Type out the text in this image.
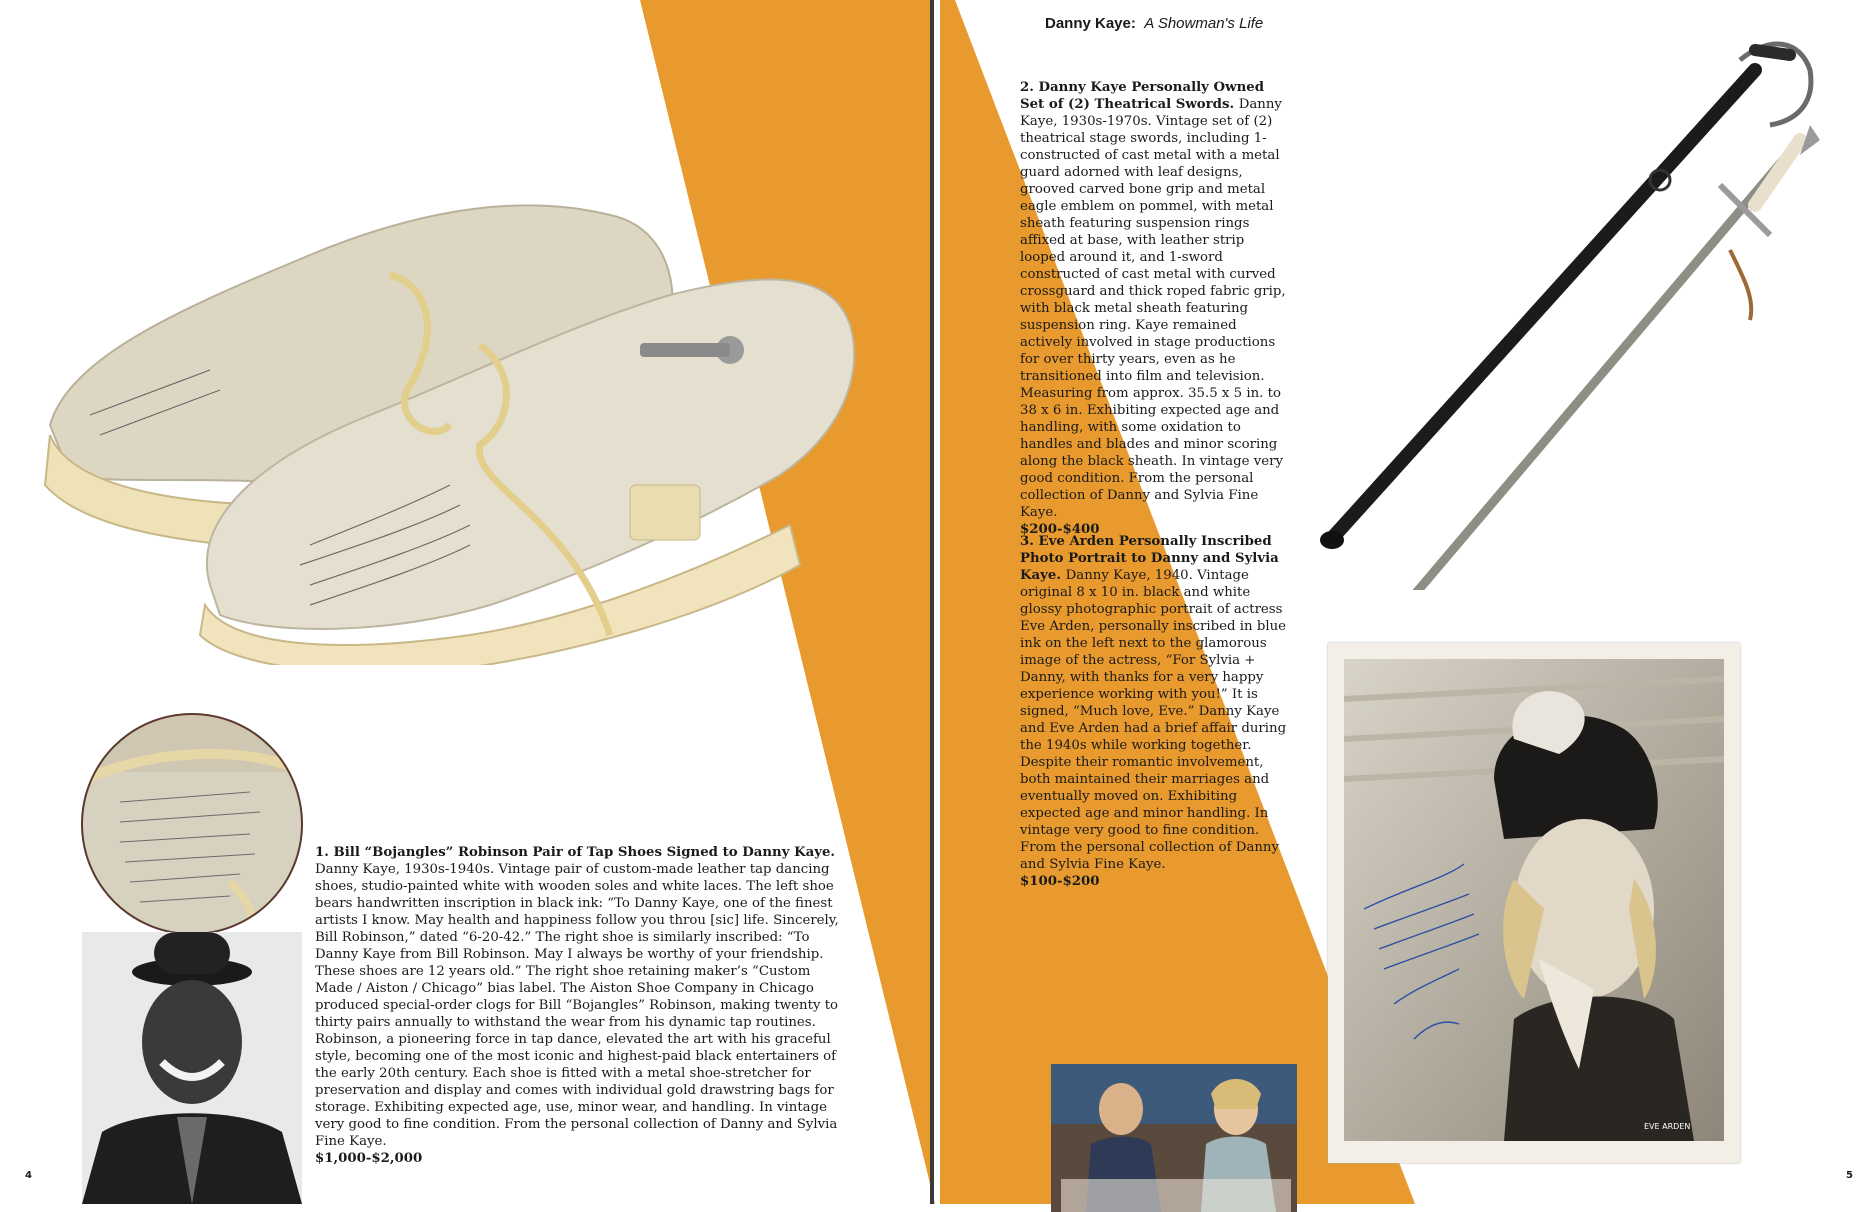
Danny Kaye: A Showman's Life
1. Bill “Bojangles” Robinson Pair of Tap Shoes Signed to Danny Kaye. Danny Kaye, 1930s-1940s. Vintage pair of custom-made leather tap dancing shoes, studio-painted white with wooden soles and white laces. The left shoe bears handwritten inscription in black ink: “To Danny Kaye, one of the finest artists I know. May health and happiness follow you throu [sic] life. Sincerely, Bill Robinson,” dated “6-20-42.” The right shoe is similarly inscribed: “To Danny Kaye from Bill Robinson. May I always be worthy of your friendship. These shoes are 12 years old.” The right shoe retaining maker’s “Custom Made / Aiston / Chicago” bias label. The Aiston Shoe Company in Chicago produced special-order clogs for Bill “Bojangles” Robinson, making twenty to thirty pairs annually to withstand the wear from his dynamic tap routines. Robinson, a pioneering force in tap dance, elevated the art with his graceful style, becoming one of the most iconic and highest-paid black entertainers of the early 20th century. Each shoe is fitted with a metal shoe-stretcher for preservation and display and comes with individual gold drawstring bags for storage. Exhibiting expected age, use, minor wear, and handling. In vintage very good to fine condition. From the personal collection of Danny and Sylvia Fine Kaye.
$1,000-$2,000
4
2. Danny Kaye Personally Owned Set of (2) Theatrical Swords. Danny Kaye, 1930s-1970s. Vintage set of (2) theatrical stage swords, including 1-constructed of cast metal with a metal guard adorned with leaf designs, grooved carved bone grip and metal eagle emblem on pommel, with metal sheath featuring suspension rings affixed at base, with leather strip looped around it, and 1-sword constructed of cast metal with curved crossguard and thick roped fabric grip, with black metal sheath featuring suspension ring. Kaye remained actively involved in stage productions for over thirty years, even as he transitioned into film and television. Measuring from approx. 35.5 x 5 in. to 38 x 6 in. Exhibiting expected age and handling, with some oxidation to handles and blades and minor scoring along the black sheath. In vintage very good condition. From the personal collection of Danny and Sylvia Fine Kaye.
$200-$400
3. Eve Arden Personally Inscribed Photo Portrait to Danny and Sylvia Kaye. Danny Kaye, 1940. Vintage original 8 x 10 in. black and white glossy photographic portrait of actress Eve Arden, personally inscribed in blue ink on the left next to the glamorous image of the actress, “For Sylvia + Danny, with thanks for a very happy experience working with you!” It is signed, “Much love, Eve.” Danny Kaye and Eve Arden had a brief affair during the 1940s while working together. Despite their romantic involvement, both maintained their marriages and eventually moved on. Exhibiting expected age and minor handling. In vintage very good to fine condition. From the personal collection of Danny and Sylvia Fine Kaye.
$100-$200
EVE ARDEN
5
